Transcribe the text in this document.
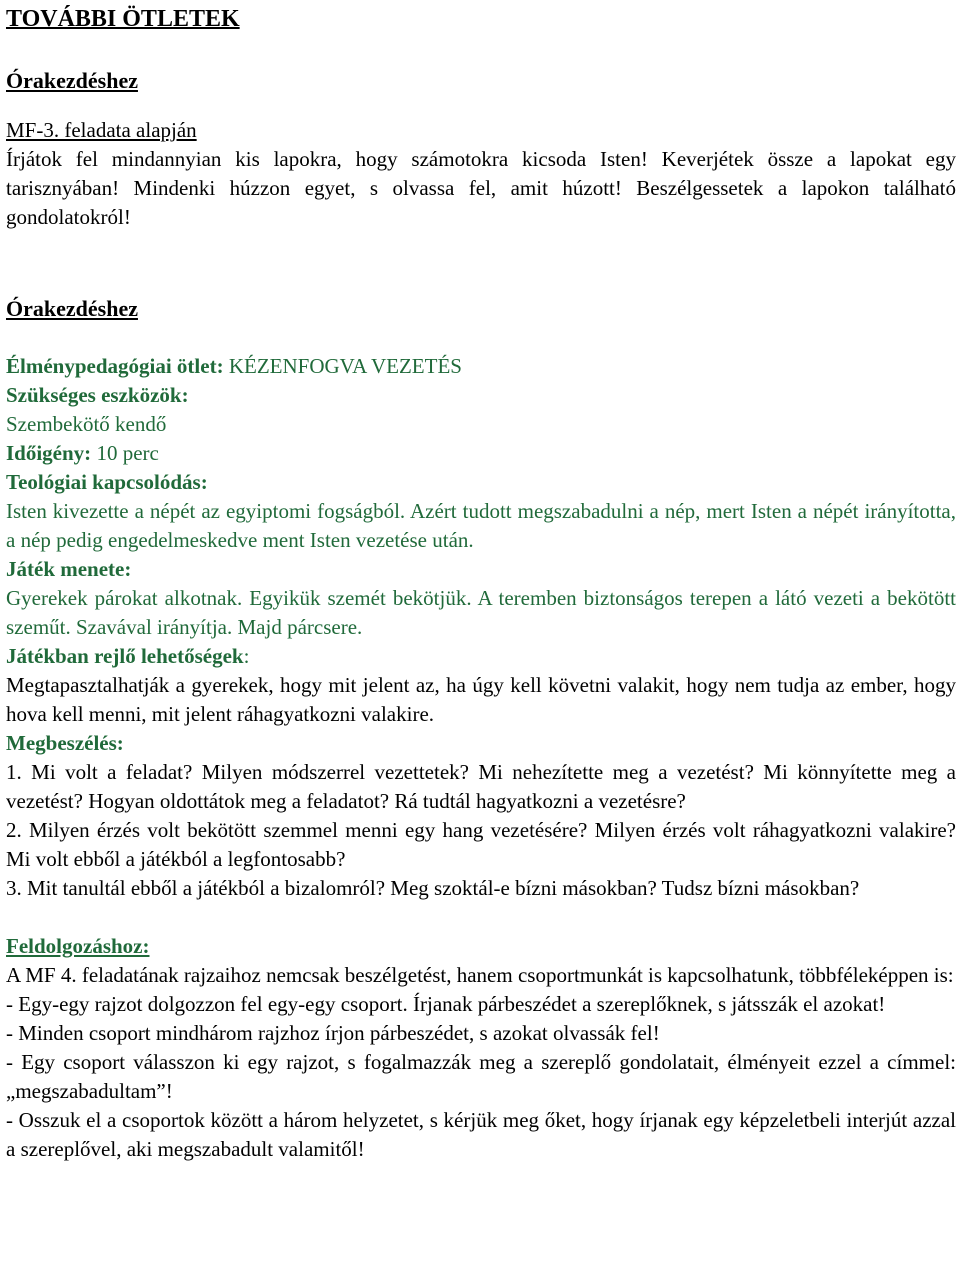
TOVÁBBI ÖTLETEK
Órakezdéshez

MF-3. feladata alapján

Írjátok fel mindannyian kis lapokra, hogy számotokra kicsoda Isten! Keverjétek össze a lapokat egy tarisznyában! Mindenki húzzon egyet, s olvassa fel, amit húzott! Beszélgessetek a lapokon található gondolatokról!

Órakezdéshez

Élménypedagógiai ötlet: KÉZENFOGVA VEZETÉS

Szükséges eszközök:

Szembekötő kendő

Időigény: 10 perc

Teológiai kapcsolódás:

Isten kivezette a népét az egyiptomi fogságból. Azért tudott megszabadulni a nép, mert Isten a népét irányította, a nép pedig engedelmeskedve ment Isten vezetése után.

Játék menete:

Gyerekek párokat alkotnak. Egyikük szemét bekötjük. A teremben biztonságos terepen a látó vezeti a bekötött szeműt. Szavával irányítja. Majd párcsere.

Játékban rejlő lehetőségek:

Megtapasztalhatják a gyerekek, hogy mit jelent az, ha úgy kell követni valakit, hogy nem tudja az ember, hogy hova kell menni, mit jelent ráhagyatkozni valakire.

Megbeszélés:

1. Mi volt a feladat? Milyen módszerrel vezettetek? Mi nehezítette meg a vezetést? Mi könnyítette meg a vezetést? Hogyan oldottátok meg a feladatot? Rá tudtál hagyatkozni a vezetésre?

2. Milyen érzés volt bekötött szemmel menni egy hang vezetésére? Milyen érzés volt ráhagyatkozni valakire? Mi volt ebből a játékból a legfontosabb?

3. Mit tanultál ebből a játékból a bizalomról? Meg szoktál-e bízni másokban? Tudsz bízni másokban?

Feldolgozáshoz:

A MF 4. feladatának rajzaihoz nemcsak beszélgetést, hanem csoportmunkát is kapcsolhatunk, többféleképpen is:

- Egy-egy rajzot dolgozzon fel egy-egy csoport. Írjanak párbeszédet a szereplőknek, s játsszák el azokat!

- Minden csoport mindhárom rajzhoz írjon párbeszédet, s azokat olvassák fel!

- Egy csoport válasszon ki egy rajzot, s fogalmazzák meg a szereplő gondolatait, élményeit ezzel a címmel: „megszabadultam”!

- Osszuk el a csoportok között a három helyzetet, s kérjük meg őket, hogy írjanak egy képzeletbeli interjút azzal a szereplővel, aki megszabadult valamitől!
